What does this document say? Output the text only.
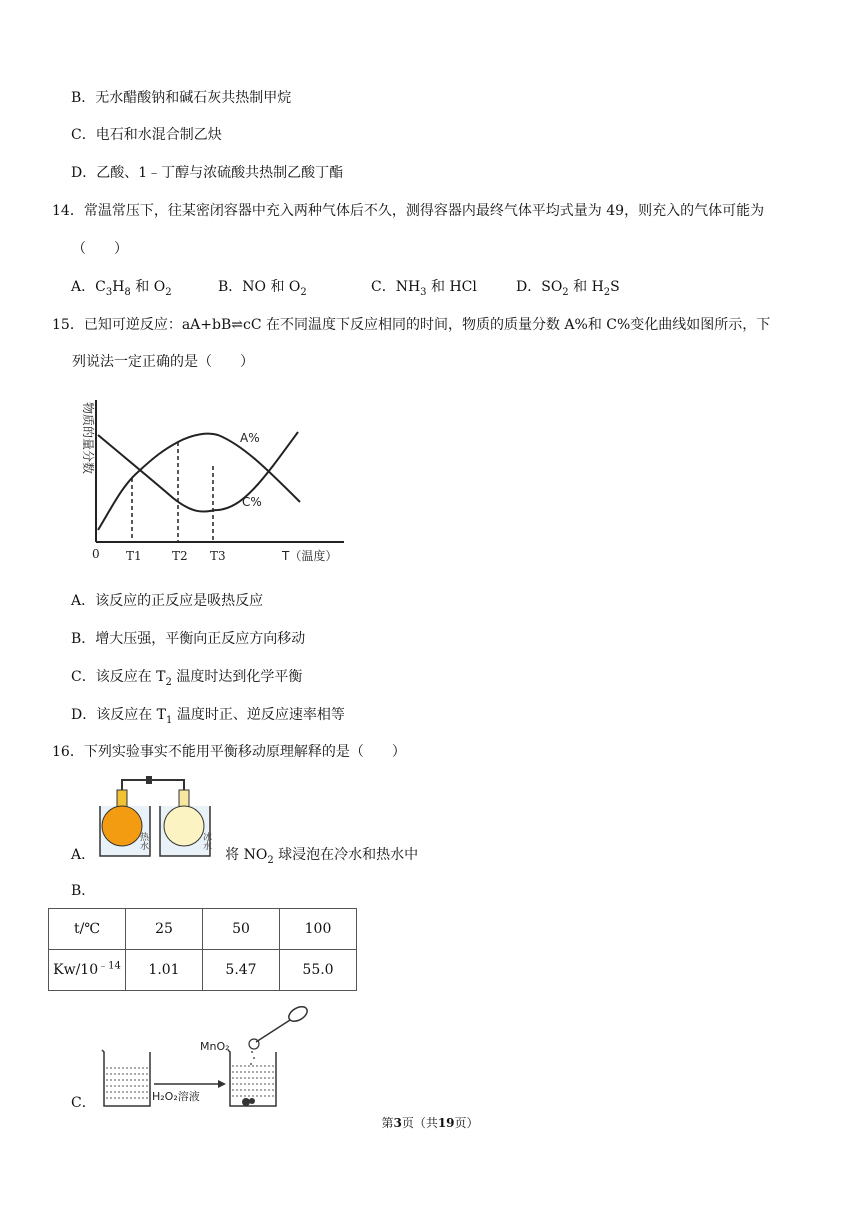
B．无水醋酸钠和碱石灰共热制甲烷
C．电石和水混合制乙炔
D．乙酸、1﹣丁醇与浓硫酸共热制乙酸丁酯
14．常温常压下，往某密闭容器中充入两种气体后不久，测得容器内最终气体平均式量为 49，则充入的气体可能为
（　　）
A．$C_3H_8$ 和 $O_2$	B．NO 和 $O_2$	C．$NH_3$ 和 HCl	D．$SO_2$ 和 $H_2S$
15．已知可逆反应：aA+bB⇌cC 在不同温度下反应相同的时间，物质的质量分数 A%和 C%变化曲线如图所示，下
列说法一定正确的是（　　）
物质的量分数	A%
C%
0 T1	T2 T3	T（温度）
A．该反应的正反应是吸热反应
B．增大压强，平衡向正反应方向移动
C．该反应在 $T_2$ 温度时达到化学平衡
D．该反应在 $T_1$ 温度时正、逆反应速率相等
16．下列实验事实不能用平衡移动原理解释的是（　　）
热水	冰水
A．	将 $NO_2$ 球浸泡在冷水和热水中
B．
t/℃	25	50	100
$Kw/10^{﹣14}$	1.01	5.47	55.0
H₂O₂溶液
MnO₂
C．
第3页（共19页）
